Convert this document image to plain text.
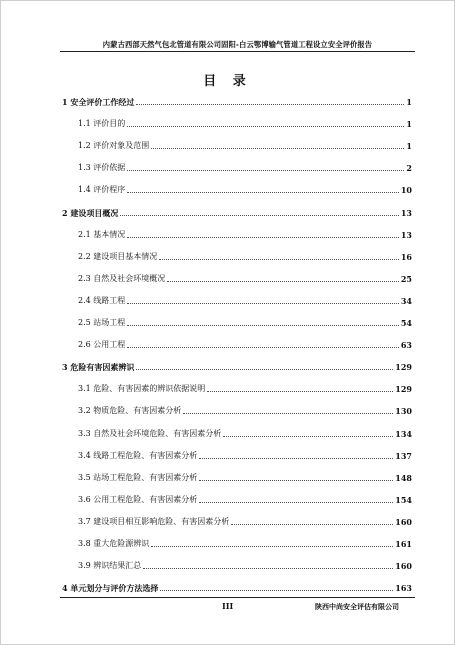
内蒙古西部天然气包北管道有限公司固阳-白云鄂博输气管道工程设立安全评价报告
目 录
1 安全评价工作经过	1
1.1 评价目的	1
1.2 评价对象及范围	1
1.3 评价依据	2
1.4 评价程序	10
2 建设项目概况	13
2.1 基本情况	13
2.2 建设项目基本情况	16
2.3 自然及社会环境概况	25
2.4 线路工程	34
2.5 站场工程	54
2.6 公用工程	63
3 危险有害因素辨识	129
3.1 危险、有害因素的辨识依据说明	129
3.2 物质危险、有害因素分析	130
3.3 自然及社会环境危险、有害因素分析	134
3.4 线路工程危险、有害因素分析	137
3.5 站场工程危险、有害因素分析	148
3.6 公用工程危险、有害因素分析	154
3.7 建设项目相互影响危险、有害因素分析	160
3.8 重大危险源辨识	161
3.9 辨识结果汇总	160
4 单元划分与评价方法选择	163
III	陕西中尚安全评估有限公司
